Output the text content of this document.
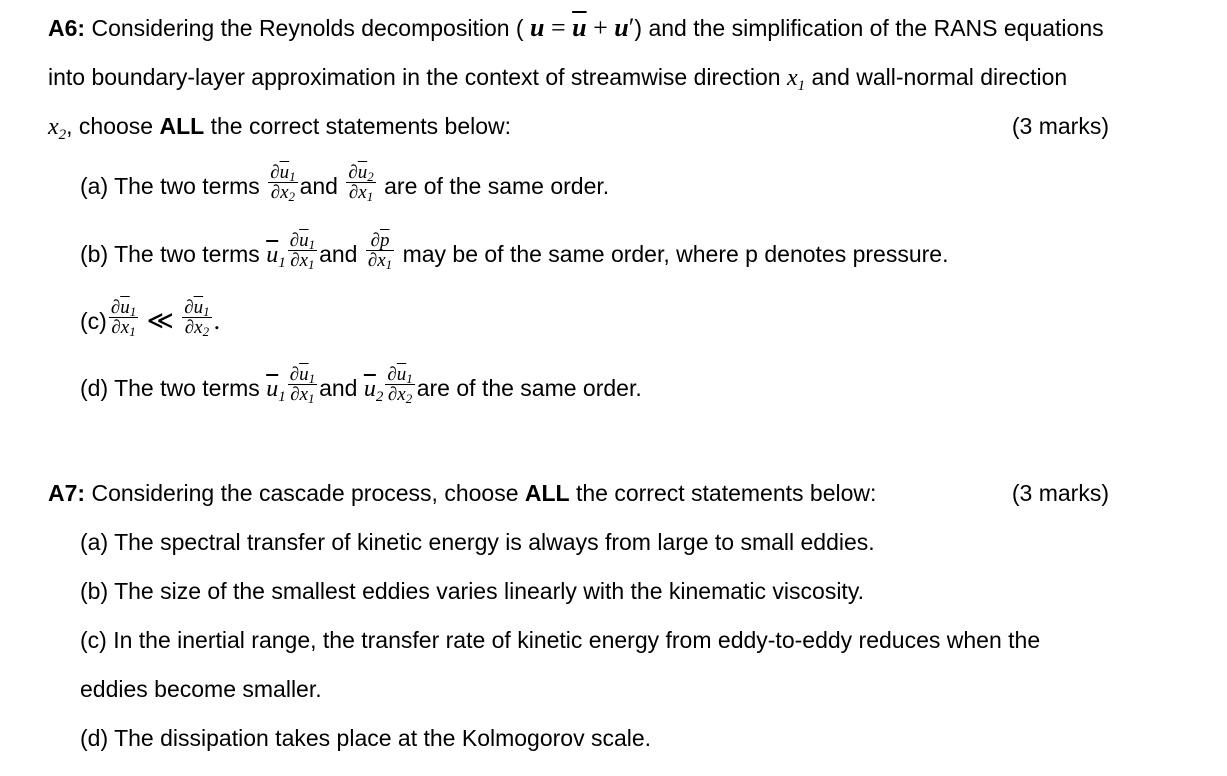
A6: Considering the Reynolds decomposition ( $u = \overline{u} + u'$) and the simplification of the RANS equations
into boundary-layer approximation in the context of streamwise direction $x_1$ and wall-normal direction
$x_2$, choose ALL the correct statements below:	(3 marks)
(a) The two terms $\frac{\partial\overline{u}_1}{\partial x_2}$ and $\frac{\partial\overline{u}_2}{\partial x_1}$ are of the same order.
(b) The two terms $\overline{u}_1 \frac{\partial\overline{u}_1}{\partial x_1}$ and $\frac{\partial\overline{p}}{\partial x_1}$ may be of the same order, where p denotes pressure.
$(c) \frac{\partial\overline{u}_1}{\partial x_1}$ ≪ $\frac{\partial\overline{u}_1}{\partial x_2}$ .
(d) The two terms $\overline{u}_1 \frac{\partial\overline{u}_1}{\partial x_1}$ and $\overline{u}_2 \frac{\partial\overline{u}_1}{\partial x_2}$ are of the same order.
A7: Considering the cascade process, choose ALL the correct statements below:	(3 marks)
(a) The spectral transfer of kinetic energy is always from large to small eddies.
(b) The size of the smallest eddies varies linearly with the kinematic viscosity.
(c) In the inertial range, the transfer rate of kinetic energy from eddy-to-eddy reduces when the
eddies become smaller.
(d) The dissipation takes place at the Kolmogorov scale.
